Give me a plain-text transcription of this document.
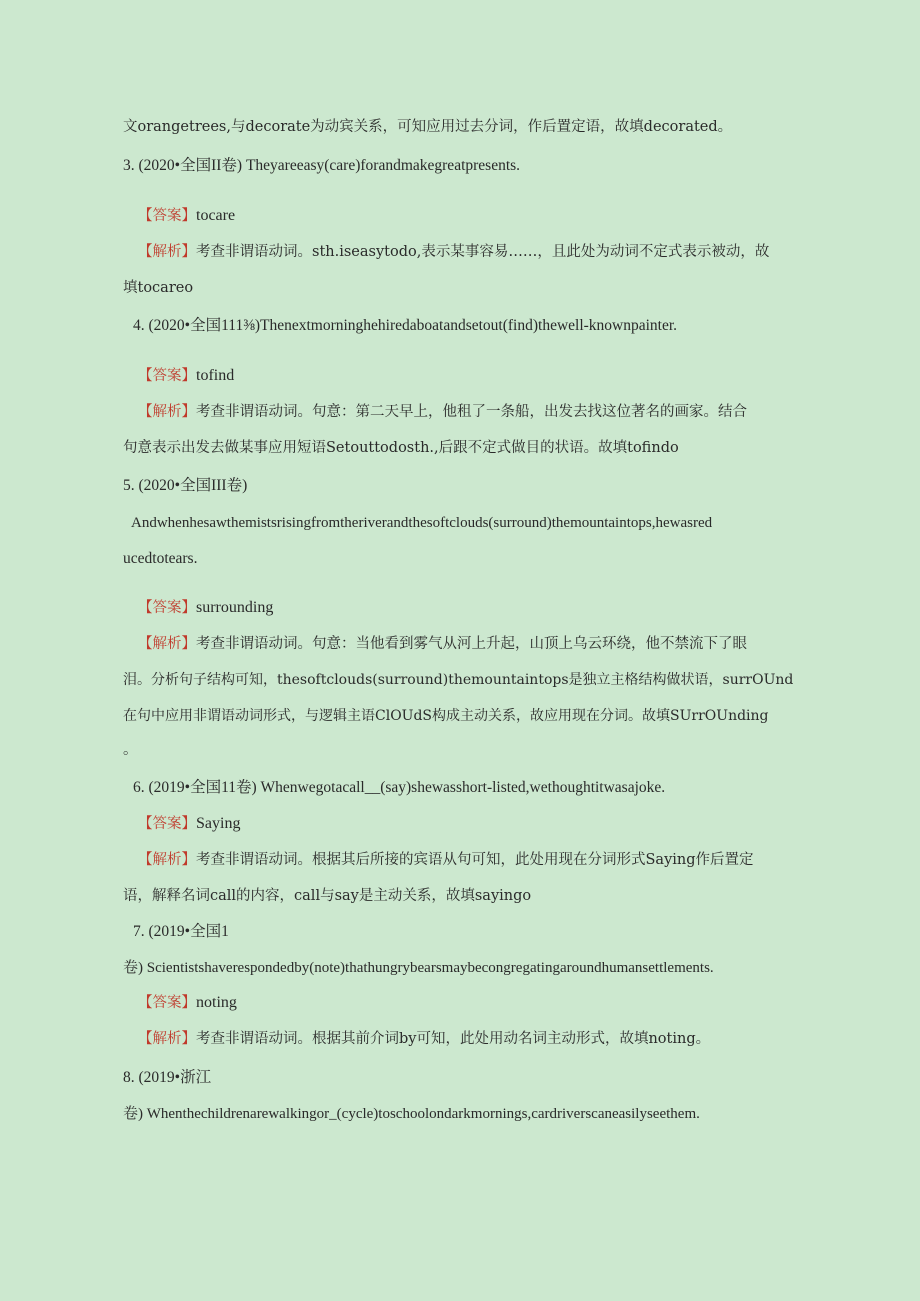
文orangetrees,与decorate为动宾关系，可知应用过去分词，作后置定语，故填decorated。
3. (2020•全国II卷) Theyareeasy(care)forandmakegreatpresents.
【答案】tocare
【解析】考查非谓语动词。sth.iseasytodo,表示某事容易……，且此处为动词不定式表示被动，故
填tocareo
4. (2020•全国111⅜)Thenextmorninghehiredaboatandsetout(find)thewell-knownpainter.
【答案】tofind
【解析】考查非谓语动词。句意：第二天早上，他租了一条船，出发去找这位著名的画家。结合
句意表示出发去做某事应用短语Setouttodosth.,后跟不定式做目的状语。故填tofindo
5. (2020•全国III卷)
Andwhenhesawthemistsrisingfromtheriverandthesoftclouds(surround)themountaintops,hewasred
ucedtotears.
【答案】surrounding
【解析】考查非谓语动词。句意：当他看到雾气从河上升起，山顶上乌云环绕，他不禁流下了眼
泪。分析句子结构可知，thesoftclouds(surround)themountaintops是独立主格结构做状语，surrOUnd
在句中应用非谓语动词形式，与逻辑主语ClOUdS构成主动关系，故应用现在分词。故填SUrrOUnding
。
6. (2019•全国11卷) Whenwegotacall__(say)shewasshort-listed,wethoughtitwasajoke.
【答案】Saying
【解析】考查非谓语动词。根据其后所接的宾语从句可知，此处用现在分词形式Saying作后置定
语，解释名词call的内容，call与say是主动关系，故填sayingo
7. (2019•全国1
卷) Scientistshaverespondedby(note)thathungrybearsmaybecongregatingaroundhumansettlements.
【答案】noting
【解析】考查非谓语动词。根据其前介词by可知，此处用动名词主动形式，故填noting。
8. (2019•浙江
卷) Whenthechildrenarewalkingor_(cycle)toschoolondarkmornings,cardriverscaneasilyseethem.
